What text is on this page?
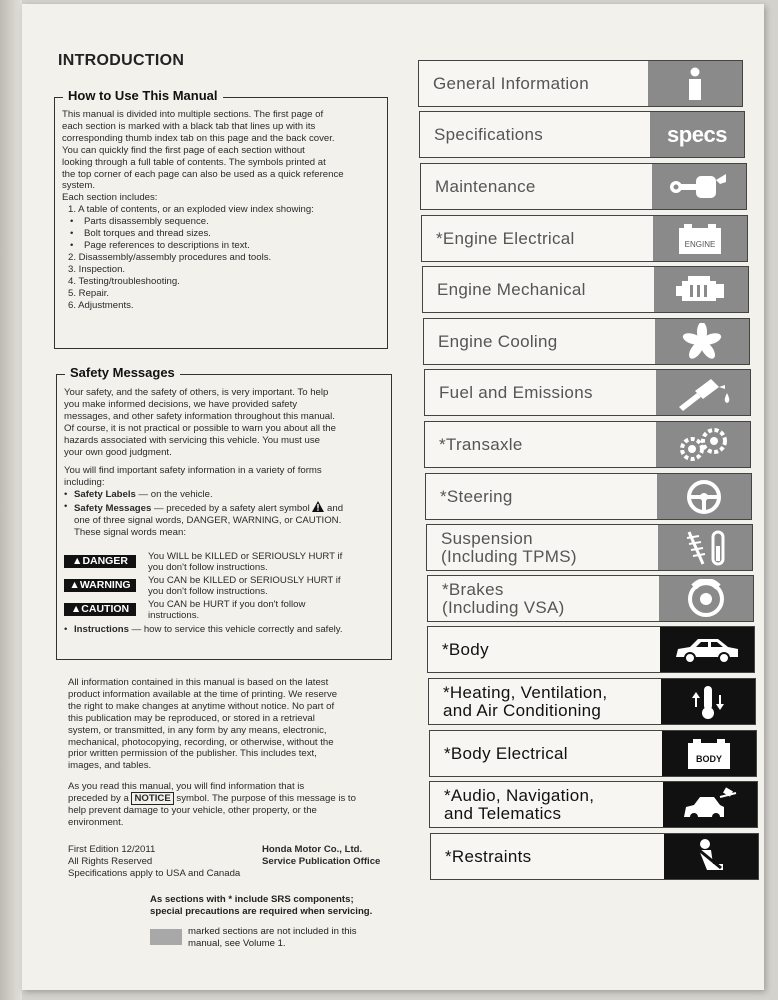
INTRODUCTION
How to Use This Manual

This manual is divided into multiple sections. The first page of

each section is marked with a black tab that lines up with its

corresponding thumb index tab on this page and the back cover.

You can quickly find the first page of each section without

looking through a full table of contents. The symbols printed at

the top corner of each page can also be used as a quick reference

system.

Each section includes:

1. A table of contents, or an exploded view index showing:

• Parts disassembly sequence.

• Bolt torques and thread sizes.

• Page references to descriptions in text.

2. Disassembly/assembly procedures and tools.

3. Inspection.

4. Testing/troubleshooting.

5. Repair.

6. Adjustments.

Safety Messages

Your safety, and the safety of others, is very important. To help

you make informed decisions, we have provided safety

messages, and other safety information throughout this manual.

Of course, it is not practical or possible to warn you about all the

hazards associated with servicing this vehicle. You must use

your own good judgment.

You will find important safety information in a variety of forms

including:

• Safety Labels — on the vehicle.

• Safety Messages — preceded by a safety alert symbol  and

one of three signal words, DANGER, WARNING, or CAUTION.

These signal words mean:

▲DANGER	You WILL be KILLED or SERIOUSLY HURT if
you don't follow instructions.
▲WARNING	You CAN be KILLED or SERIOUSLY HURT if
you don't follow instructions.
▲CAUTION	You CAN be HURT if you don't follow
instructions.

• Instructions — how to service this vehicle correctly and safely.

All information contained in this manual is based on the latest

product information available at the time of printing. We reserve

the right to make changes at anytime without notice. No part of

this publication may be reproduced, or stored in a retrieval

system, or transmitted, in any form by any means, electronic,

mechanical, photocopying, recording, or otherwise, without the

prior written permission of the publisher. This includes text,

images, and tables.

As you read this manual, you will find information that is

preceded by a NOTICE symbol. The purpose of this message is to

help prevent damage to your vehicle, other property, or the

environment.

First Edition 12/2011

All Rights Reserved

Specifications apply to USA and Canada

Honda Motor Co., Ltd.

Service Publication Office

As sections with * include SRS components;

special precautions are required when servicing.

marked sections are not included in this

manual, see Volume 1.

General Information
Specifications	specs
Maintenance
*Engine Electrical	ENGINE
Engine Mechanical
Engine Cooling
Fuel and Emissions
*Transaxle
*Steering
Suspension
(Including TPMS)
*Brakes
(Including VSA)
*Body
*Heating, Ventilation,
and Air Conditioning
*Body Electrical	BODY
*Audio, Navigation,
and Telematics
*Restraints
